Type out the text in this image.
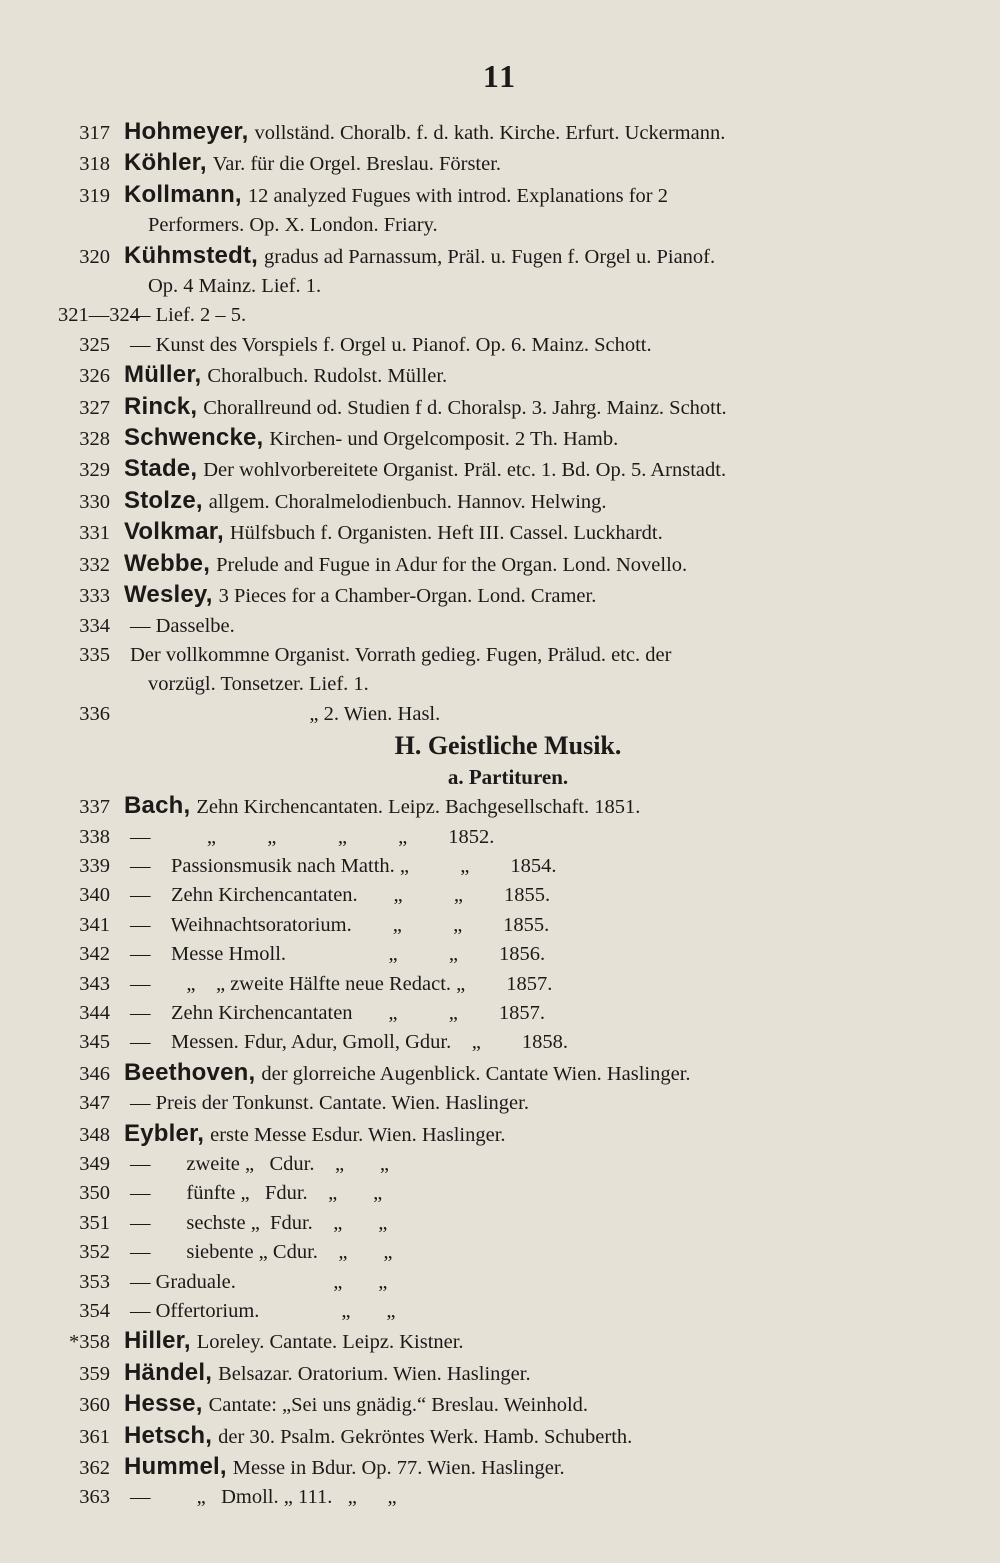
11
317 Hohmeyer, vollständ. Choralb. f. d. kath. Kirche. Erfurt. Uckermann.
318 Köhler, Var. für die Orgel. Breslau. Förster.
319 Kollmann, 12 analyzed Fugues with introd. Explanations for 2
Performers. Op. X. London. Friary.
320 Kühmstedt, gradus ad Parnassum, Präl. u. Fugen f. Orgel u. Pianof.
Op. 4 Mainz. Lief. 1.
321—324
— Lief. 2 – 5.
325 — Kunst des Vorspiels f. Orgel u. Pianof. Op. 6. Mainz. Schott.
326 Müller, Choralbuch. Rudolst. Müller.
327 Rinck, Chorallreund od. Studien f d. Choralsp. 3. Jahrg. Mainz. Schott.
328 Schwencke, Kirchen- und Orgelcomposit. 2 Th. Hamb.
329 Stade, Der wohlvorbereitete Organist. Präl. etc. 1. Bd. Op. 5. Arnstadt.
330 Stolze, allgem. Choralmelodienbuch. Hannov. Helwing.
331 Volkmar, Hülfsbuch f. Organisten. Heft III. Cassel. Luckhardt.
332 Webbe, Prelude and Fugue in Adur for the Organ. Lond. Novello.
333 Wesley, 3 Pieces for a Chamber-Organ. Lond. Cramer.
334 — Dasselbe.
335 Der vollkommne Organist. Vorrath gedieg. Fugen, Prälud. etc. der
vorzügl. Tonsetzer. Lief. 1.
336 „ 2. Wien. Hasl.
H. Geistliche Musik.
a. Partituren.
337 Bach, Zehn Kirchencantaten. Leipz. Bachgesellschaft. 1851.
338 —           „          „            „          „        1852.
339 —    Passionsmusik nach Matth. „          „        1854.
340 —    Zehn Kirchencantaten.       „          „        1855.
341 —    Weihnachtsoratorium.        „          „        1855.
342 —    Messe Hmoll.                    „          „        1856.
343 —       „    „ zweite Hälfte neue Redact. „        1857.
344 —    Zehn Kirchencantaten       „          „        1857.
345 —    Messen. Fdur, Adur, Gmoll, Gdur.    „        1858.
346 Beethoven, der glorreiche Augenblick. Cantate Wien. Haslinger.
347 — Preis der Tonkunst. Cantate. Wien. Haslinger.
348 Eybler, erste Messe Esdur. Wien. Haslinger.
349 —       zweite „   Cdur.    „       „
350 —       fünfte „   Fdur.    „       „
351 —       sechste „  Fdur.    „       „
352 —       siebente „ Cdur.    „       „
353 — Graduale.                   „       „
354 — Offertorium.                „       „
*358 Hiller, Loreley. Cantate. Leipz. Kistner.
359 Händel, Belsazar. Oratorium. Wien. Haslinger.
360 Hesse, Cantate: „Sei uns gnädig.“ Breslau. Weinhold.
361 Hetsch, der 30. Psalm. Gekröntes Werk. Hamb. Schuberth.
362 Hummel, Messe in Bdur. Op. 77. Wien. Haslinger.
363 —         „   Dmoll. „ 111.   „      „
